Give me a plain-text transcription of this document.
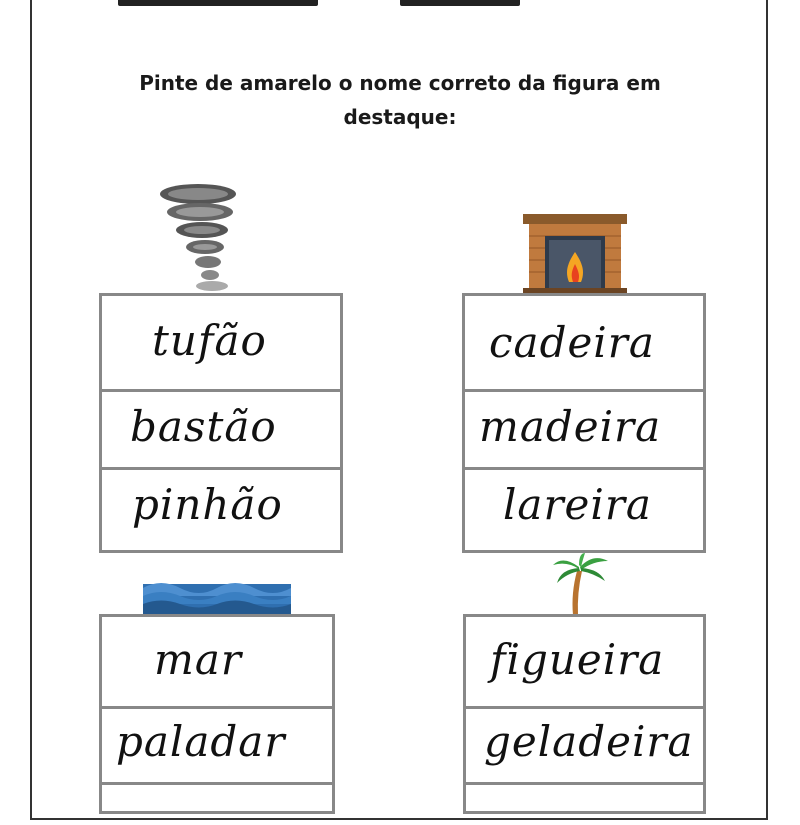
Pinte de amarelo o nome correto da figura em
destaque:
tufão
bastão
pinhão
cadeira
madeira
lareira
mar
paladar
figueira
geladeira
